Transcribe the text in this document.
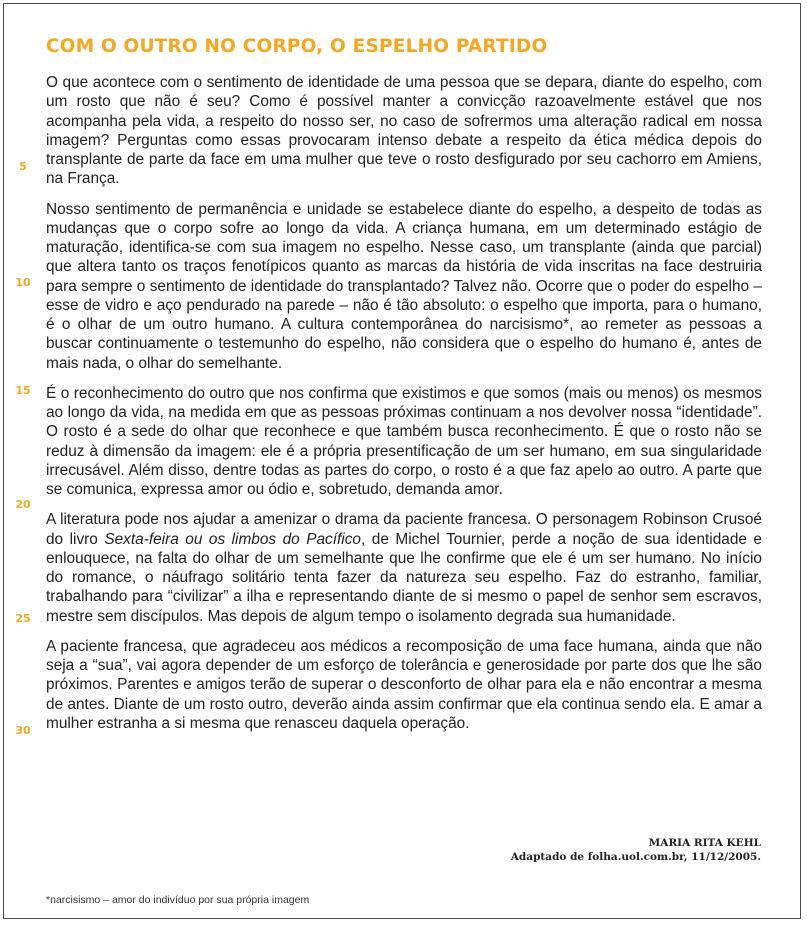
COM O OUTRO NO CORPO, O ESPELHO PARTIDO
5
10
15
20
25
30

O que acontece com o sentimento de identidade de uma pessoa que se depara, diante do espelho, com um rosto que não é seu? Como é possível manter a convicção razoavelmente estável que nos acompanha pela vida, a respeito do nosso ser, no caso de sofrermos uma alteração radical em nossa imagem? Perguntas como essas provocaram intenso debate a respeito da ética médica depois do transplante de parte da face em uma mulher que teve o rosto desfigurado por seu cachorro em Amiens, na França.

Nosso sentimento de permanência e unidade se estabelece diante do espelho, a despeito de todas as mudanças que o corpo sofre ao longo da vida. A criança humana, em um determinado estágio de maturação, identifica-se com sua imagem no espelho. Nesse caso, um transplante (ainda que parcial) que altera tanto os traços fenotípicos quanto as marcas da história de vida inscritas na face destruiria para sempre o sentimento de identidade do transplantado? Talvez não. Ocorre que o poder do espelho – esse de vidro e aço pendurado na parede – não é tão absoluto: o espelho que importa, para o humano, é o olhar de um outro humano. A cultura contemporânea do narcisismo*, ao remeter as pessoas a buscar continuamente o testemunho do espelho, não considera que o espelho do humano é, antes de mais nada, o olhar do semelhante.

É o reconhecimento do outro que nos confirma que existimos e que somos (mais ou menos) os mesmos ao longo da vida, na medida em que as pessoas próximas continuam a nos devolver nossa “identidade”. O rosto é a sede do olhar que reconhece e que também busca reconhecimento. É que o rosto não se reduz à dimensão da imagem: ele é a própria presentificação de um ser humano, em sua singularidade irrecusável. Além disso, dentre todas as partes do corpo, o rosto é a que faz apelo ao outro. A parte que se comunica, expressa amor ou ódio e, sobretudo, demanda amor.

A literatura pode nos ajudar a amenizar o drama da paciente francesa. O personagem Robinson Crusoé do livro Sexta-feira ou os limbos do Pacífico, de Michel Tournier, perde a noção de sua identidade e enlouquece, na falta do olhar de um semelhante que lhe confirme que ele é um ser humano. No início do romance, o náufrago solitário tenta fazer da natureza seu espelho. Faz do estranho, familiar, trabalhando para “civilizar” a ilha e representando diante de si mesmo o papel de senhor sem escravos, mestre sem discípulos. Mas depois de algum tempo o isolamento degrada sua humanidade.

A paciente francesa, que agradeceu aos médicos a recomposição de uma face humana, ainda que não seja a “sua”, vai agora depender de um esforço de tolerância e generosidade por parte dos que lhe são próximos. Parentes e amigos terão de superar o desconforto de olhar para ela e não encontrar a mesma de antes. Diante de um rosto outro, deverão ainda assim confirmar que ela continua sendo ela. E amar a mulher estranha a si mesma que renasceu daquela operação.

MARIA RITA KEHL
Adaptado de folha.uol.com.br, 11/12/2005.
*narcisismo – amor do indivíduo por sua própria imagem
